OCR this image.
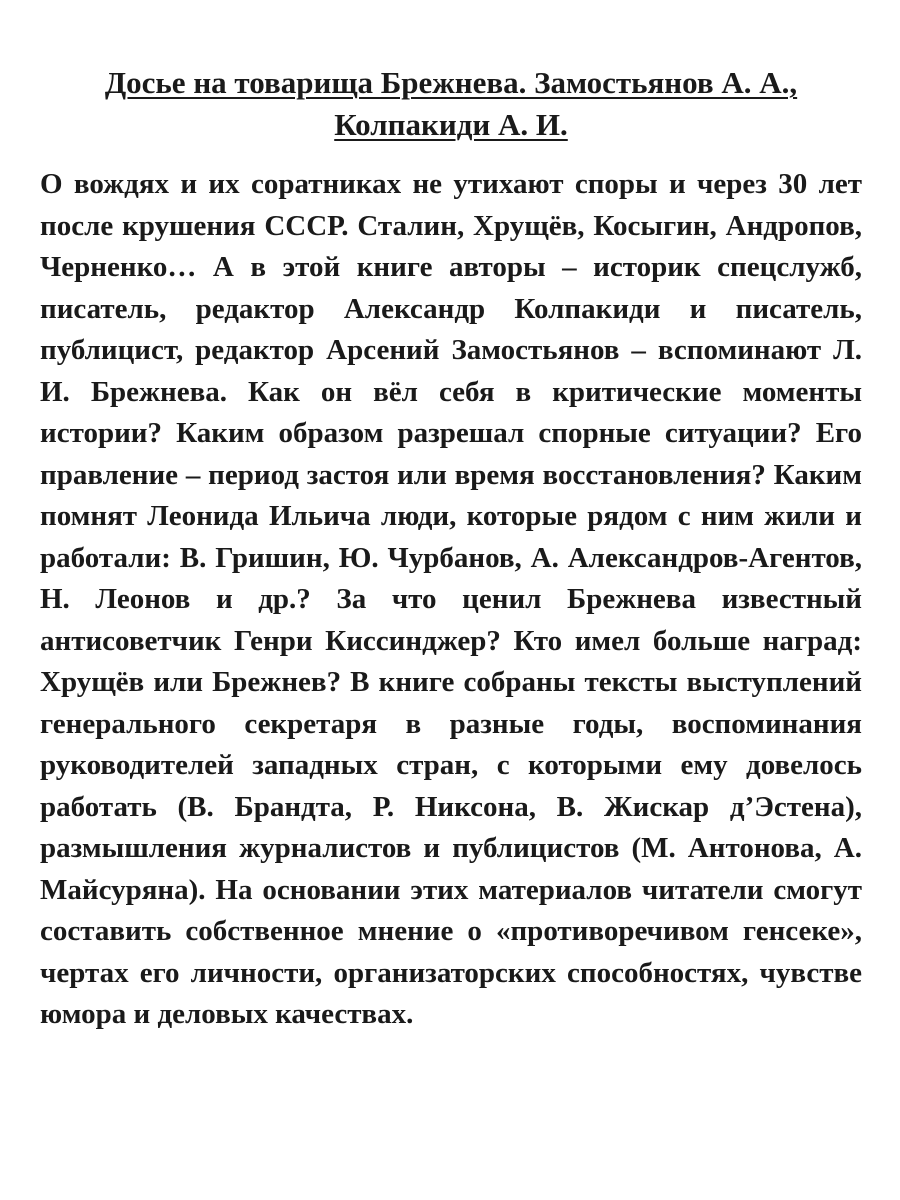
Досье на товарища Брежнева. Замостьянов А. А., Колпакиди А. И.

О вождях и их соратниках не утихают споры и через 30 лет после крушения СССР. Сталин, Хрущёв, Косыгин, Андропов, Черненко… А в этой книге авторы – историк спецслужб, писатель, редактор Александр Колпакиди и писатель, публицист, редактор Арсений Замостьянов – вспоминают Л. И. Брежнева. Как он вёл себя в критические моменты истории? Каким образом разрешал спорные ситуации? Его правление – период застоя или время восстановления? Каким помнят Леонида Ильича люди, которые рядом с ним жили и работали: В. Гришин, Ю. Чурбанов, А. Александров-Агентов, Н. Леонов и др.? За что ценил Брежнева известный антисоветчик Генри Киссинджер? Кто имел больше наград: Хрущёв или Брежнев? В книге собраны тексты выступлений генерального секретаря в разные годы, воспоминания руководителей западных стран, с которыми ему довелось работать (В. Брандта, Р. Никсона, В. Жискар д’Эстена), размышления журналистов и публицистов (М. Антонова, А. Майсуряна). На основании этих материалов читатели смогут составить собственное мнение о «противоречивом генсеке», чертах его личности, организаторских способностях, чувстве юмора и деловых качествах.
